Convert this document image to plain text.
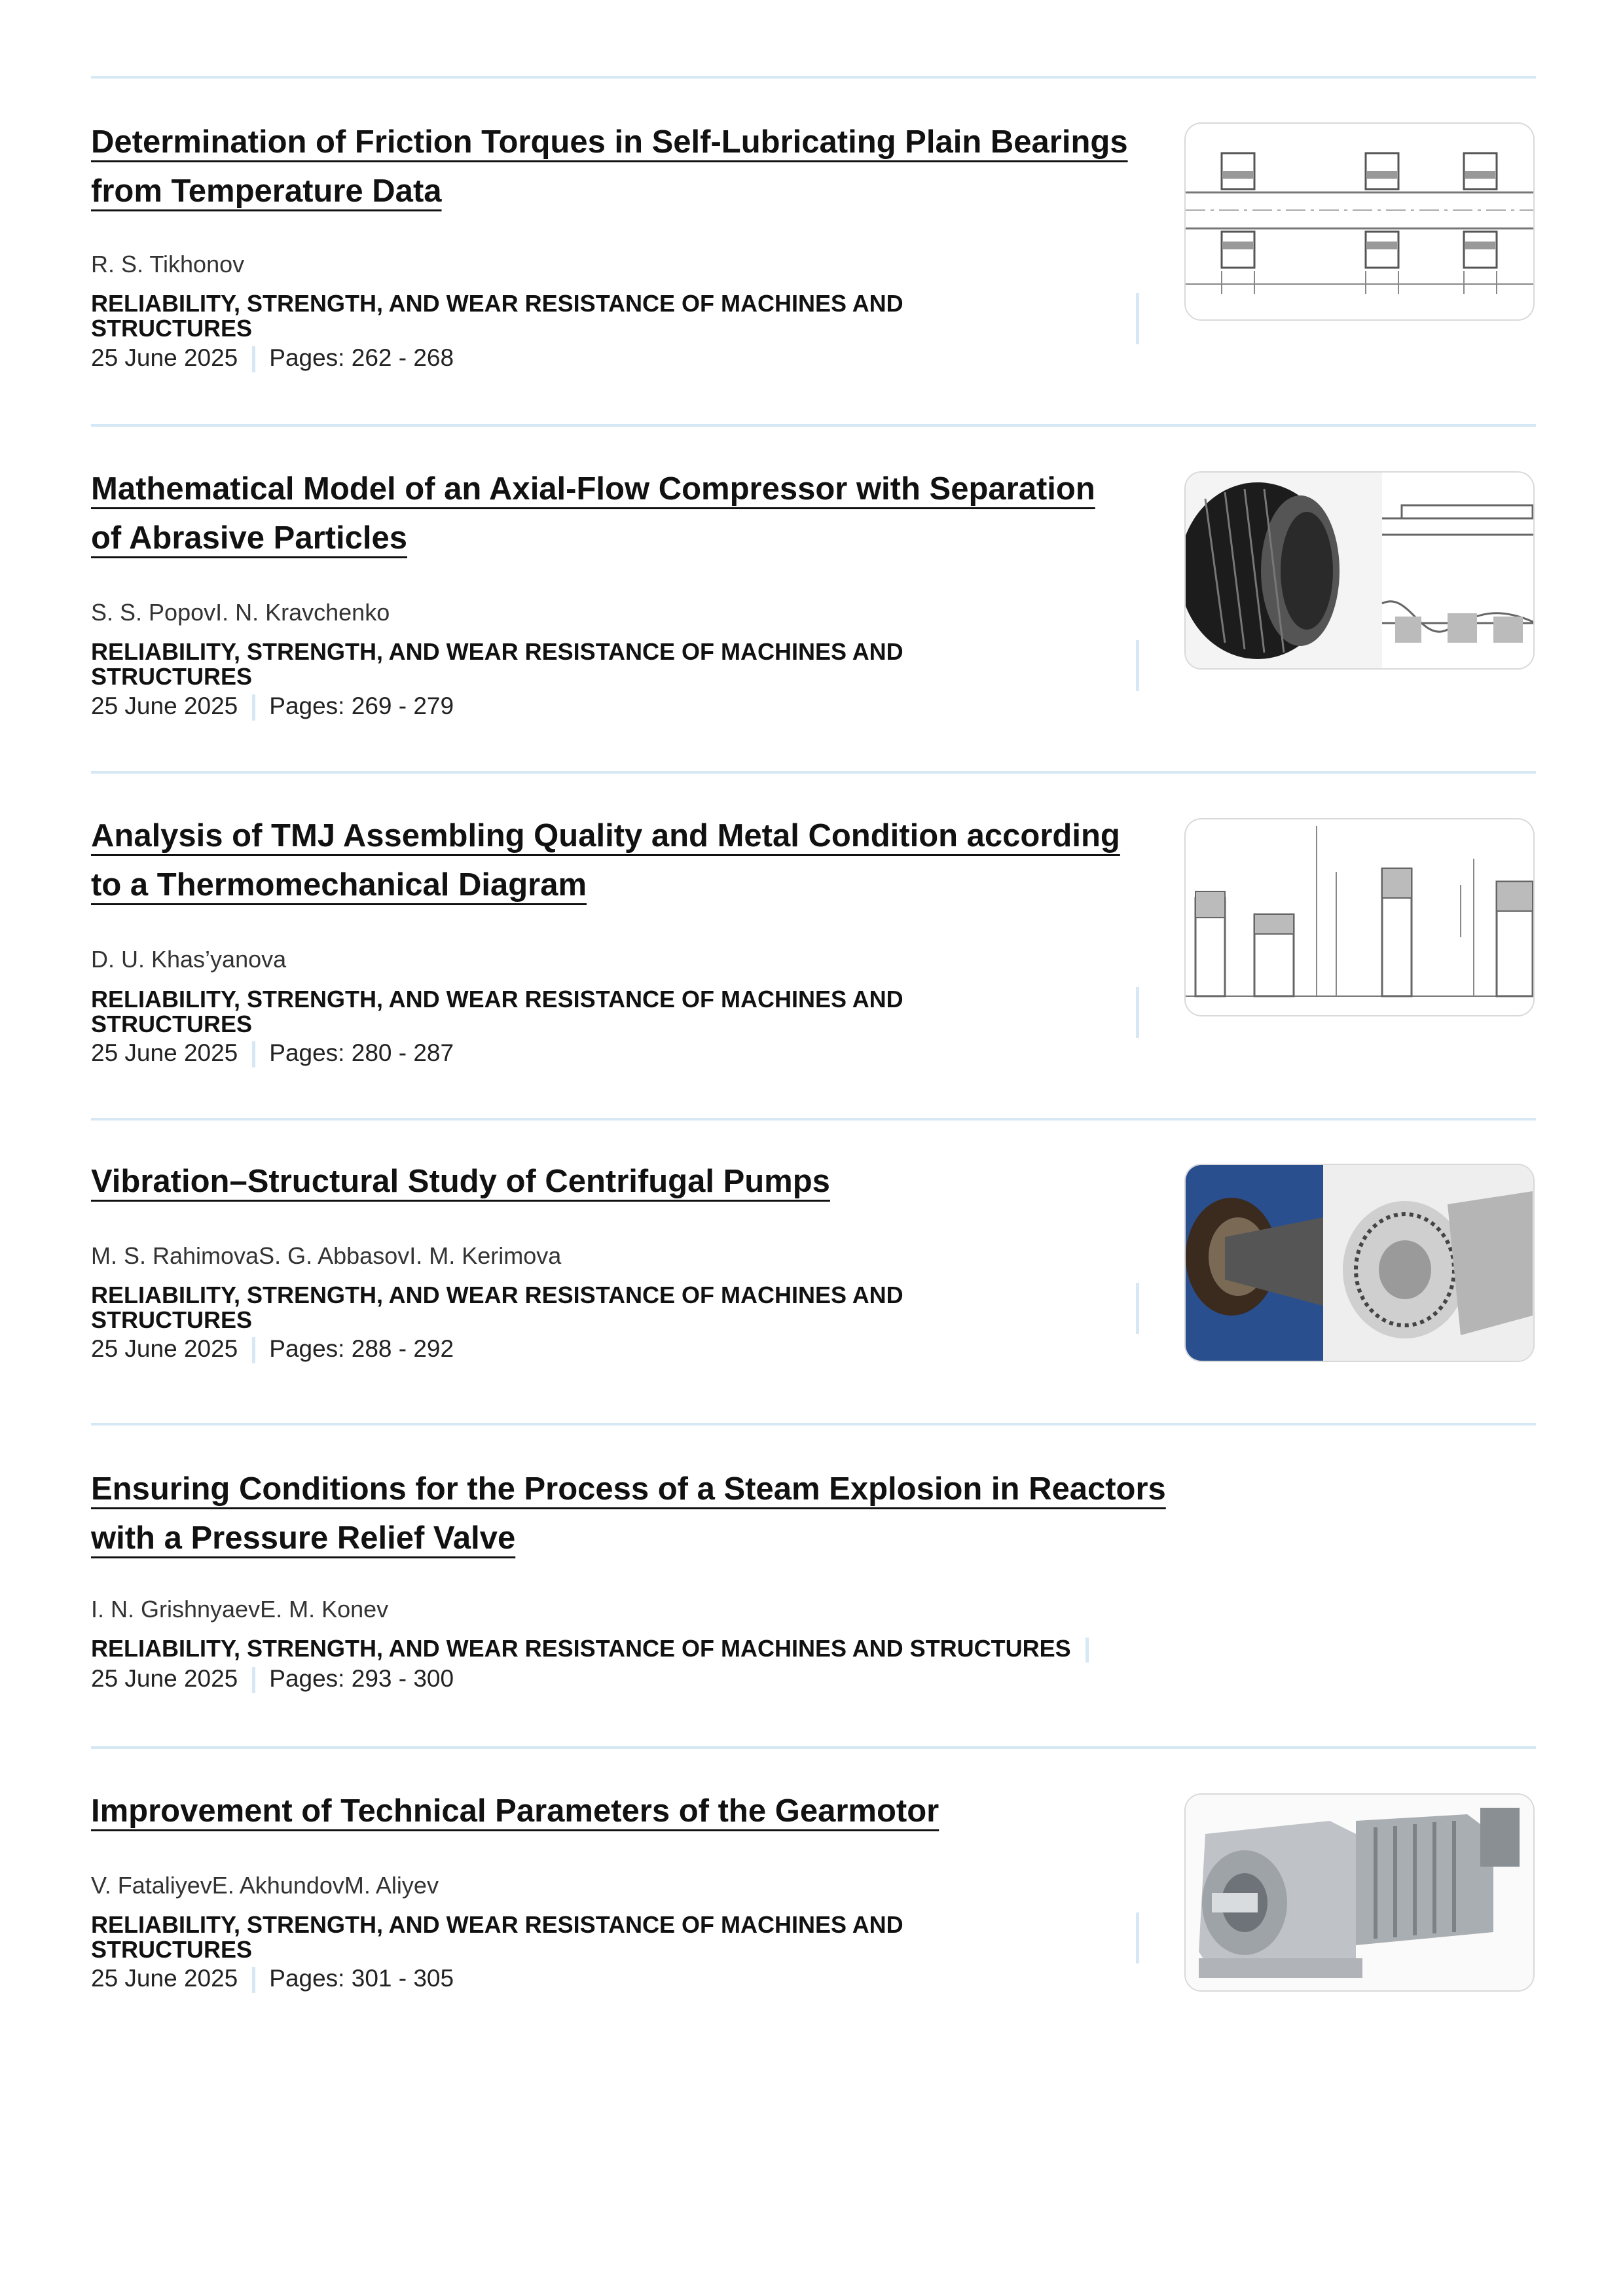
Determination of Friction Torques in Self-Lubricating Plain Bearings
from Temperature Data
R. S. Tikhonov
RELIABILITY, STRENGTH, AND WEAR RESISTANCE OF MACHINES AND
STRUCTURES
25 June 2025 Pages: 262 - 268
Mathematical Model of an Axial-Flow Compressor with Separation
of Abrasive Particles
S. S. PopovI. N. Kravchenko
RELIABILITY, STRENGTH, AND WEAR RESISTANCE OF MACHINES AND
STRUCTURES
25 June 2025 Pages: 269 - 279
Analysis of TMJ Assembling Quality and Metal Condition according
to a Thermomechanical Diagram
D. U. Khas’yanova
RELIABILITY, STRENGTH, AND WEAR RESISTANCE OF MACHINES AND
STRUCTURES
25 June 2025 Pages: 280 - 287
Vibration–Structural Study of Centrifugal Pumps
M. S. RahimovaS. G. AbbasovI. M. Kerimova
RELIABILITY, STRENGTH, AND WEAR RESISTANCE OF MACHINES AND
STRUCTURES
25 June 2025 Pages: 288 - 292
Ensuring Conditions for the Process of a Steam Explosion in Reactors
with a Pressure Relief Valve
I. N. GrishnyaevE. M. Konev
RELIABILITY, STRENGTH, AND WEAR RESISTANCE OF MACHINES AND STRUCTURES
25 June 2025 Pages: 293 - 300
Improvement of Technical Parameters of the Gearmotor
V. FataliyevE. AkhundovM. Aliyev
RELIABILITY, STRENGTH, AND WEAR RESISTANCE OF MACHINES AND
STRUCTURES
25 June 2025 Pages: 301 - 305
